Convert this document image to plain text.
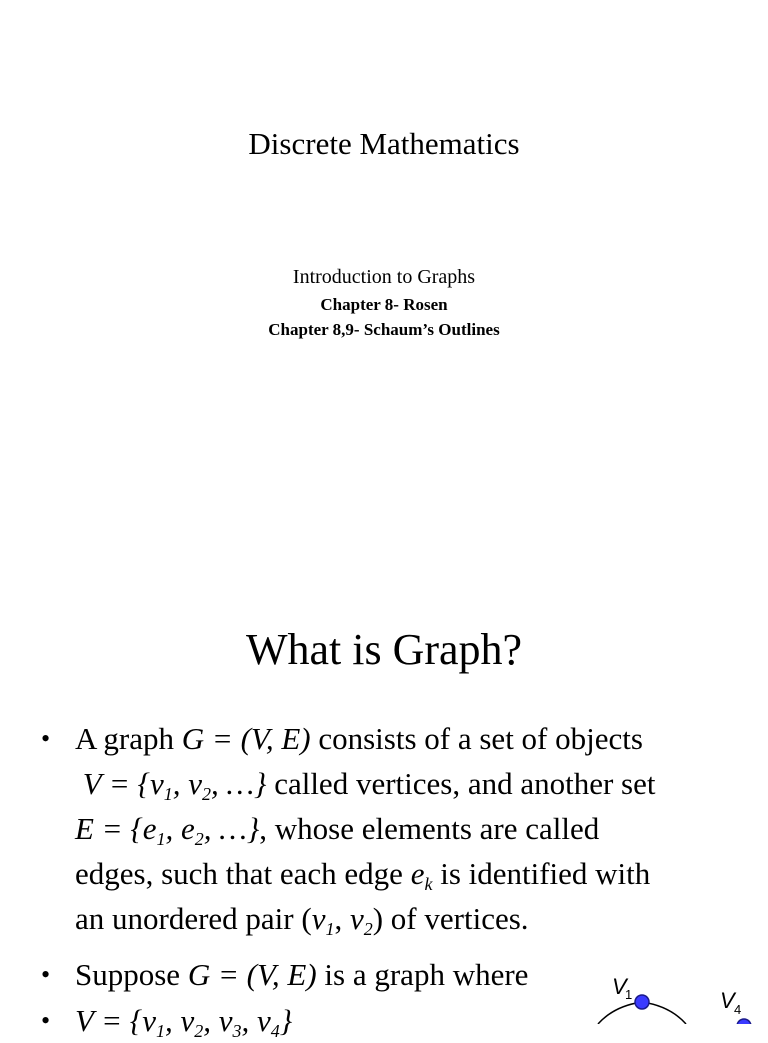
Discrete Mathematics
Introduction to Graphs
Chapter 8- Rosen
Chapter 8,9- Schaum’s Outlines
What is Graph?
• A graph G = (V, E) consists of a set of objects
$V = \{v_1$, $v_2$, …} called vertices, and another set
$E = \{e_1$, $e_2$, …}, whose elements are called
edges, such that each edge $e_k$ is identified with
an unordered pair ($v_1$, $v_2$) of vertices.
• Suppose G = (V, E) is a graph where
• $V = \{v_1$, $v_2$, $v_3$, $v_4$}
V
1	V 4
